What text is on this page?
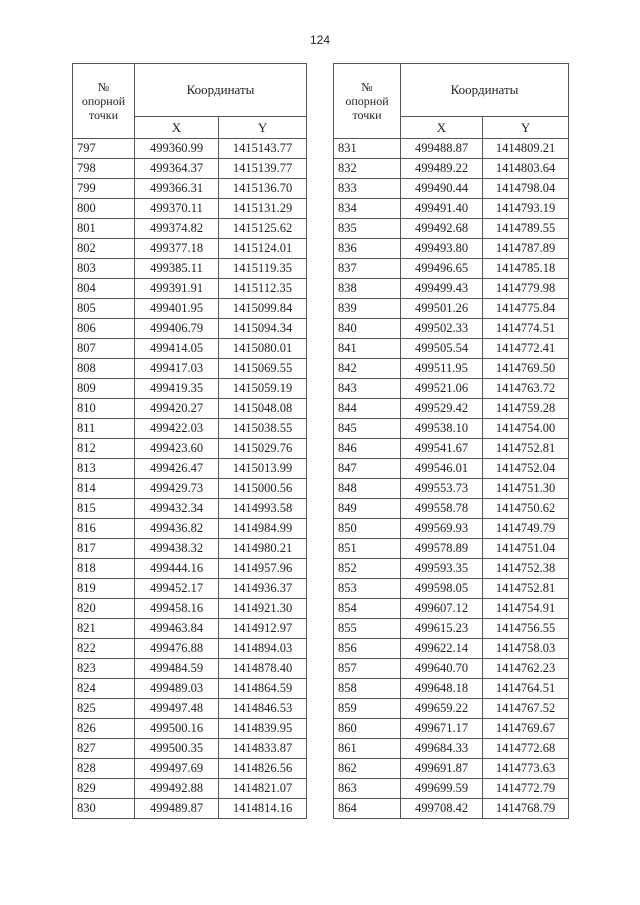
124
№
опорной
точки	Координаты	
	X	Y
797	499360.99	1415143.77
798	499364.37	1415139.77
799	499366.31	1415136.70
800	499370.11	1415131.29
801	499374.82	1415125.62
802	499377.18	1415124.01
803	499385.11	1415119.35
804	499391.91	1415112.35
805	499401.95	1415099.84
806	499406.79	1415094.34
807	499414.05	1415080.01
808	499417.03	1415069.55
809	499419.35	1415059.19
810	499420.27	1415048.08
811	499422.03	1415038.55
812	499423.60	1415029.76
813	499426.47	1415013.99
814	499429.73	1415000.56
815	499432.34	1414993.58
816	499436.82	1414984.99
817	499438.32	1414980.21
818	499444.16	1414957.96
819	499452.17	1414936.37
820	499458.16	1414921.30
821	499463.84	1414912.97
822	499476.88	1414894.03
823	499484.59	1414878.40
824	499489.03	1414864.59
825	499497.48	1414846.53
826	499500.16	1414839.95
827	499500.35	1414833.87
828	499497.69	1414826.56
829	499492.88	1414821.07
830	499489.87	1414814.16
№
опорной
точки	Координаты	
	X	Y
831	499488.87	1414809.21
832	499489.22	1414803.64
833	499490.44	1414798.04
834	499491.40	1414793.19
835	499492.68	1414789.55
836	499493.80	1414787.89
837	499496.65	1414785.18
838	499499.43	1414779.98
839	499501.26	1414775.84
840	499502.33	1414774.51
841	499505.54	1414772.41
842	499511.95	1414769.50
843	499521.06	1414763.72
844	499529.42	1414759.28
845	499538.10	1414754.00
846	499541.67	1414752.81
847	499546.01	1414752.04
848	499553.73	1414751.30
849	499558.78	1414750.62
850	499569.93	1414749.79
851	499578.89	1414751.04
852	499593.35	1414752.38
853	499598.05	1414752.81
854	499607.12	1414754.91
855	499615.23	1414756.55
856	499622.14	1414758.03
857	499640.70	1414762.23
858	499648.18	1414764.51
859	499659.22	1414767.52
860	499671.17	1414769.67
861	499684.33	1414772.68
862	499691.87	1414773.63
863	499699.59	1414772.79
864	499708.42	1414768.79
